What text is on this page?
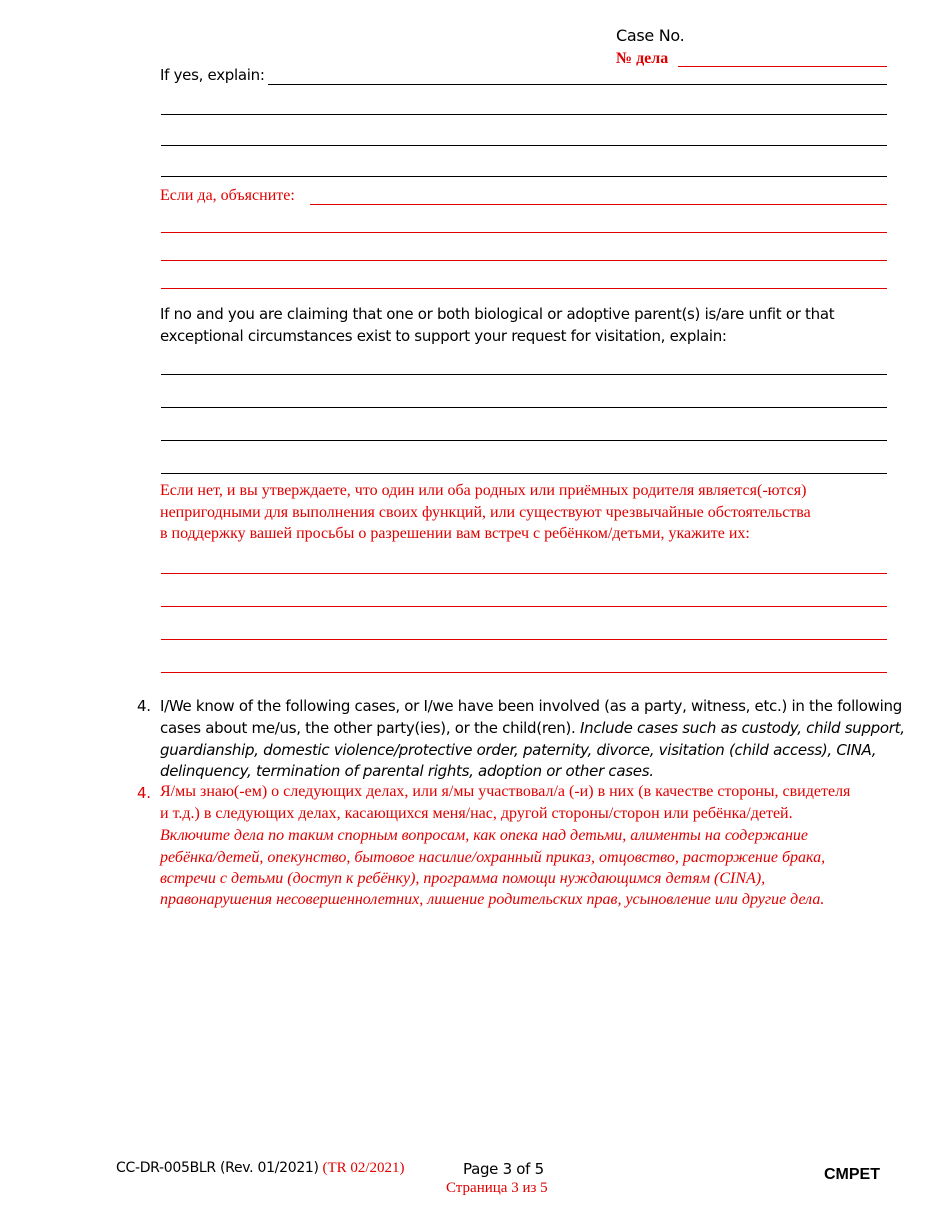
Case No.
№ дела
If yes, explain:
Если да, объясните:
If no and you are claiming that one or both biological or adoptive parent(s) is/are unfit or that exceptional circumstances exist to support your request for visitation, explain:
Если нет, и вы утверждаете, что один или оба родных или приёмных родителя является(-ются)
непригодными для выполнения своих функций, или существуют чрезвычайные обстоятельства
в поддержку вашей просьбы о разрешении вам встреч с ребёнком/детьми, укажите их:
4. I/We know of the following cases, or I/we have been involved (as a party, witness, etc.) in the following
cases about me/us, the other party(ies), or the child(ren). Include cases such as custody, child support,
guardianship, domestic violence/protective order, paternity, divorce, visitation (child access), CINA,
delinquency, termination of parental rights, adoption or other cases.
4. Я/мы знаю(-ем) о следующих делах, или я/мы участвовал/а (-и) в них (в качестве стороны, свидетеля
и т.д.) в следующих делах, касающихся меня/нас, другой стороны/сторон или ребёнка/детей.
Включите дела по таким спорным вопросам, как опека над детьми, алименты на содержание
ребёнка/детей, опекунство, бытовое насилие/охранный приказ, отцовство, расторжение брака,
встречи с детьми (доступ к ребёнку), программа помощи нуждающимся детям (CINA),
правонарушения несовершеннолетних, лишение родительских прав, усыновление или другие дела.
CC-DR-005BLR (Rev. 01/2021) (TR 02/2021)	Page 3 of 5
Страница 3 из 5
CMPET
